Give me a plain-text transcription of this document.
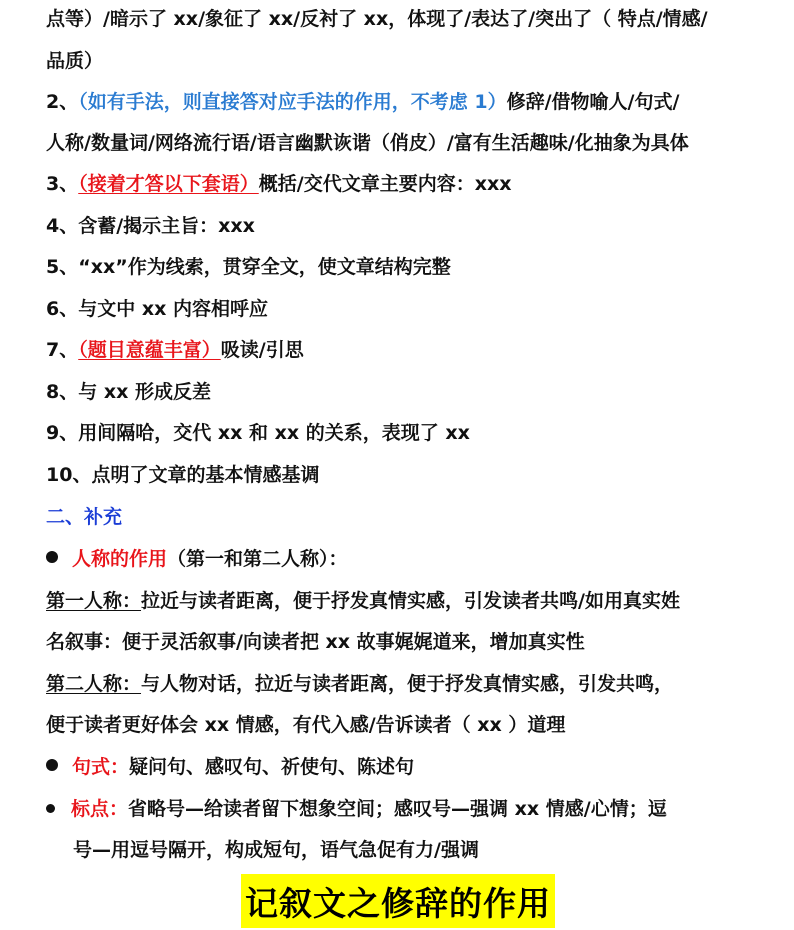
点等）/暗示了 xx/象征了 xx/反衬了 xx，体现了/表达了/突出了（ 特点/情感/
品质）
2、（如有手法，则直接答对应手法的作用，不考虑 1）修辞/借物喻人/句式/
人称/数量词/网络流行语/语言幽默诙谐（俏皮）/富有生活趣味/化抽象为具体
3、（接着才答以下套语）概括/交代文章主要内容：xxx
4、含蓄/揭示主旨：xxx
5、“xx”作为线索，贯穿全文，使文章结构完整
6、与文中 xx 内容相呼应
7、（题目意蕴丰富）吸读/引思
8、与 xx 形成反差
9、用间隔哈，交代 xx 和 xx 的关系，表现了 xx
10、点明了文章的基本情感基调
二、补充
人称的作用（第一和第二人称）：
第一人称：拉近与读者距离，便于抒发真情实感，引发读者共鸣/如用真实姓
名叙事：便于灵活叙事/向读者把 xx 故事娓娓道来，增加真实性
第二人称：与人物对话，拉近与读者距离，便于抒发真情实感，引发共鸣，
便于读者更好体会 xx 情感，有代入感/告诉读者（ xx ）道理
句式：疑问句、感叹句、祈使句、陈述句
标点：省略号—给读者留下想象空间；感叹号—强调 xx 情感/心情；逗
号—用逗号隔开，构成短句，语气急促有力/强调
记叙文之修辞的作用
